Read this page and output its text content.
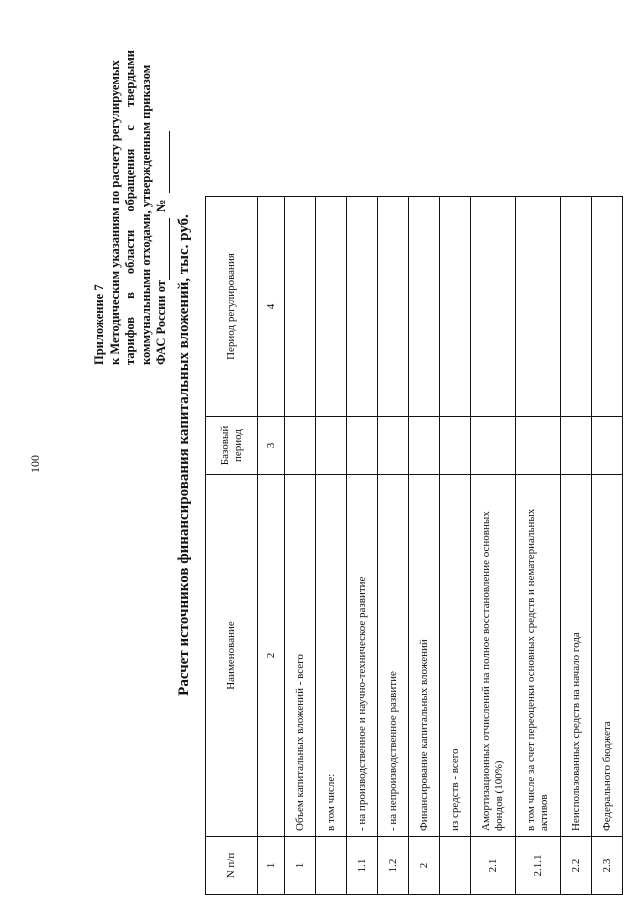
100
Приложение 7 к Методическим указаниям по расчету регулируемых тарифов в области обращения с твердыми коммунальными отходами, утвержденным приказом ФАС России от
№
Расчет источников финансирования капитальных вложений, тыс. руб.
N п/п	Наименование	Базовый период	Период регулирования
1	2	3	4
1	Объем капитальных вложений - всего		
	в том числе:		
1.1	- на производственное и научно-техническое развитие		
1.2	- на непроизводственное развитие		
2	Финансирование капитальных вложений		
	из средств - всего		
2.1	Амортизационных отчислений на полное восстановление основных фондов (100%)		
2.1.1	в том числе за счет переоценки основных средств и нематериальных активов		
2.2	Неиспользованных средств на начало года		
2.3	Федерального бюджета		
